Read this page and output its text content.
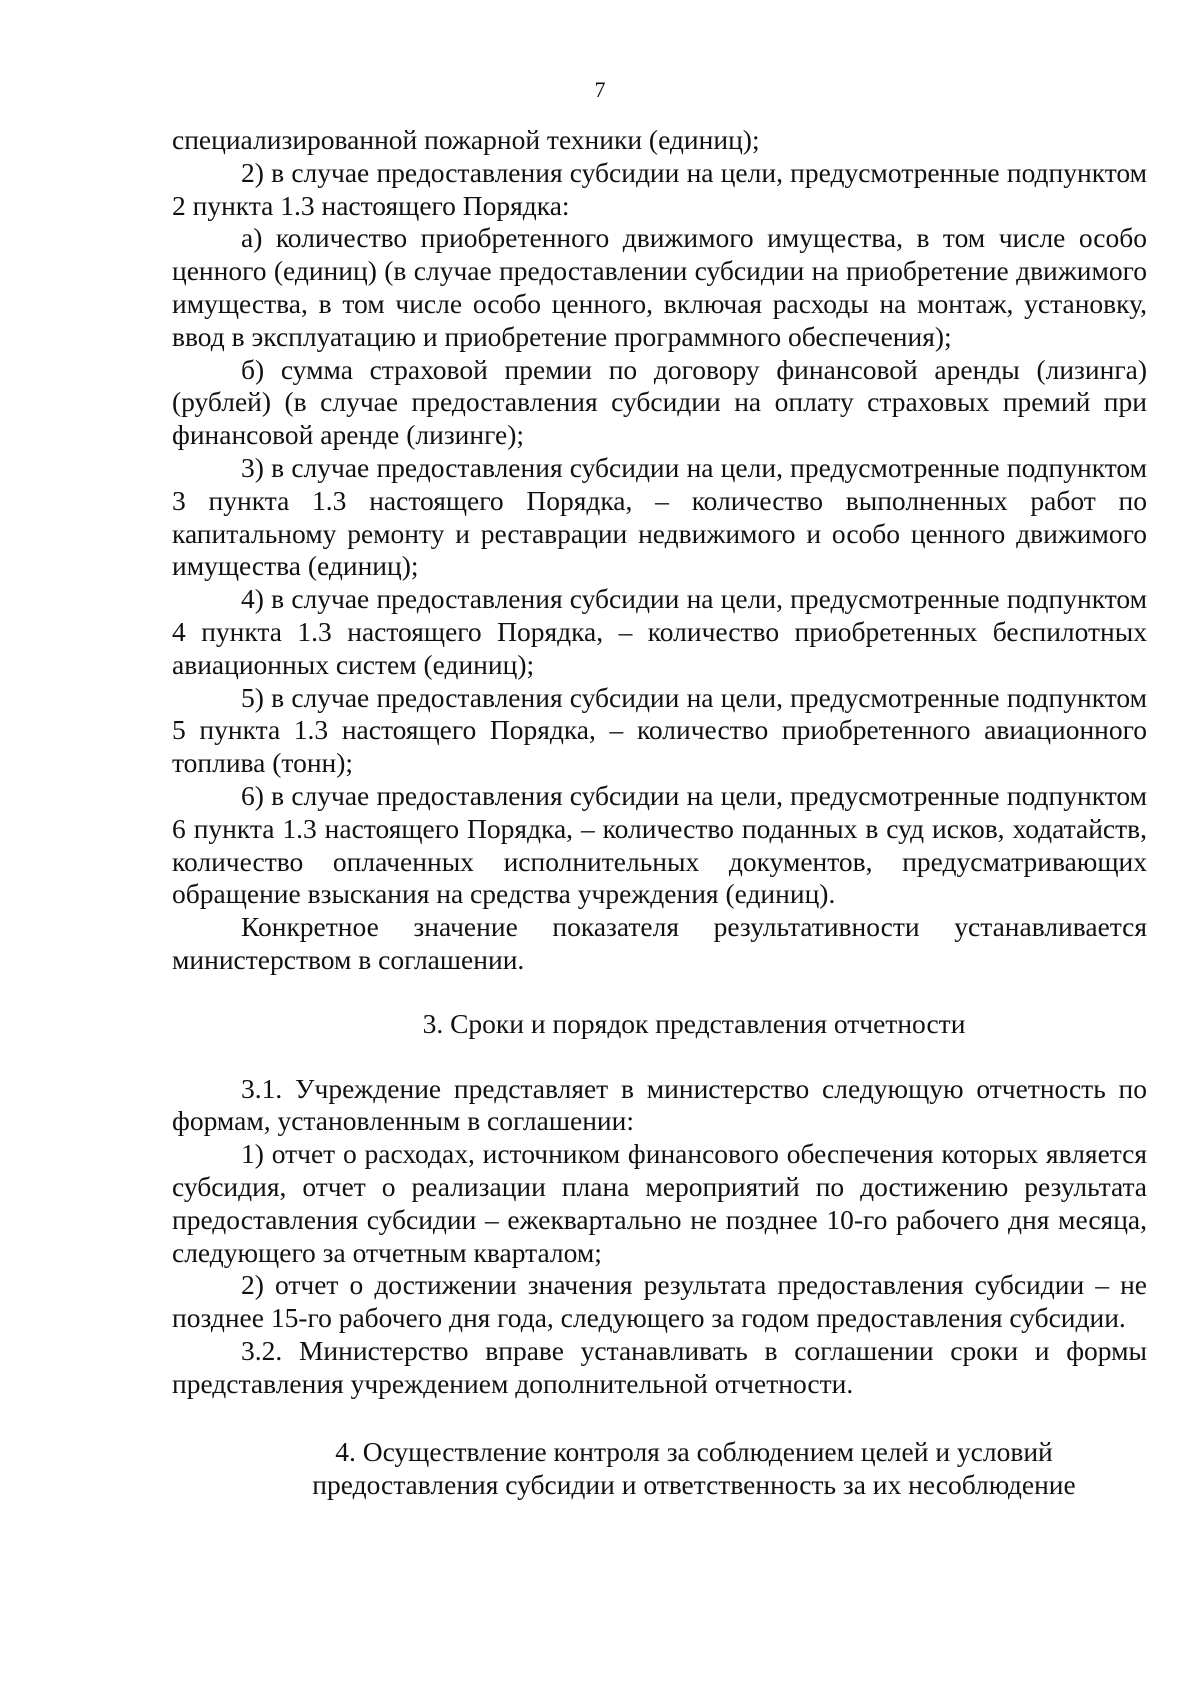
7

специализированной пожарной техники (единиц);

2) в случае предоставления субсидии на цели, предусмотренные подпунктом 2 пункта 1.3 настоящего Порядка:

а) количество приобретенного движимого имущества, в том числе особо ценного (единиц) (в случае предоставлении субсидии на приобретение движимого имущества, в том числе особо ценного, включая расходы на монтаж, установку, ввод в эксплуатацию и приобретение программного обеспечения);

б) сумма страховой премии по договору финансовой аренды (лизинга) (рублей) (в случае предоставления субсидии на оплату страховых премий при финансовой аренде (лизинге);

3) в случае предоставления субсидии на цели, предусмотренные подпунктом 3 пункта 1.3 настоящего Порядка, – количество выполненных работ по капитальному ремонту и реставрации недвижимого и особо ценного движимого имущества (единиц);

4) в случае предоставления субсидии на цели, предусмотренные подпунктом 4 пункта 1.3 настоящего Порядка, – количество приобретенных беспилотных авиационных систем (единиц);

5) в случае предоставления субсидии на цели, предусмотренные подпунктом 5 пункта 1.3 настоящего Порядка, – количество приобретенного авиационного топлива (тонн);

6) в случае предоставления субсидии на цели, предусмотренные подпунктом 6 пункта 1.3 настоящего Порядка, – количество поданных в суд исков, ходатайств, количество оплаченных исполнительных документов, предусматривающих обращение взыскания на средства учреждения (единиц).

Конкретное значение показателя результативности устанавливается министерством в соглашении.

3. Сроки и порядок представления отчетности

3.1. Учреждение представляет в министерство следующую отчетность по формам, установленным в соглашении:

1) отчет о расходах, источником финансового обеспечения которых является субсидия, отчет о реализации плана мероприятий по достижению результата предоставления субсидии – ежеквартально не позднее 10-го рабочего дня месяца, следующего за отчетным кварталом;

2) отчет о достижении значения результата предоставления субсидии – не позднее 15-го рабочего дня года, следующего за годом предоставления субсидии.

3.2. Министерство вправе устанавливать в соглашении сроки и формы представления учреждением дополнительной отчетности.

4. Осуществление контроля за соблюдением целей и условий
предоставления субсидии и ответственность за их несоблюдение
